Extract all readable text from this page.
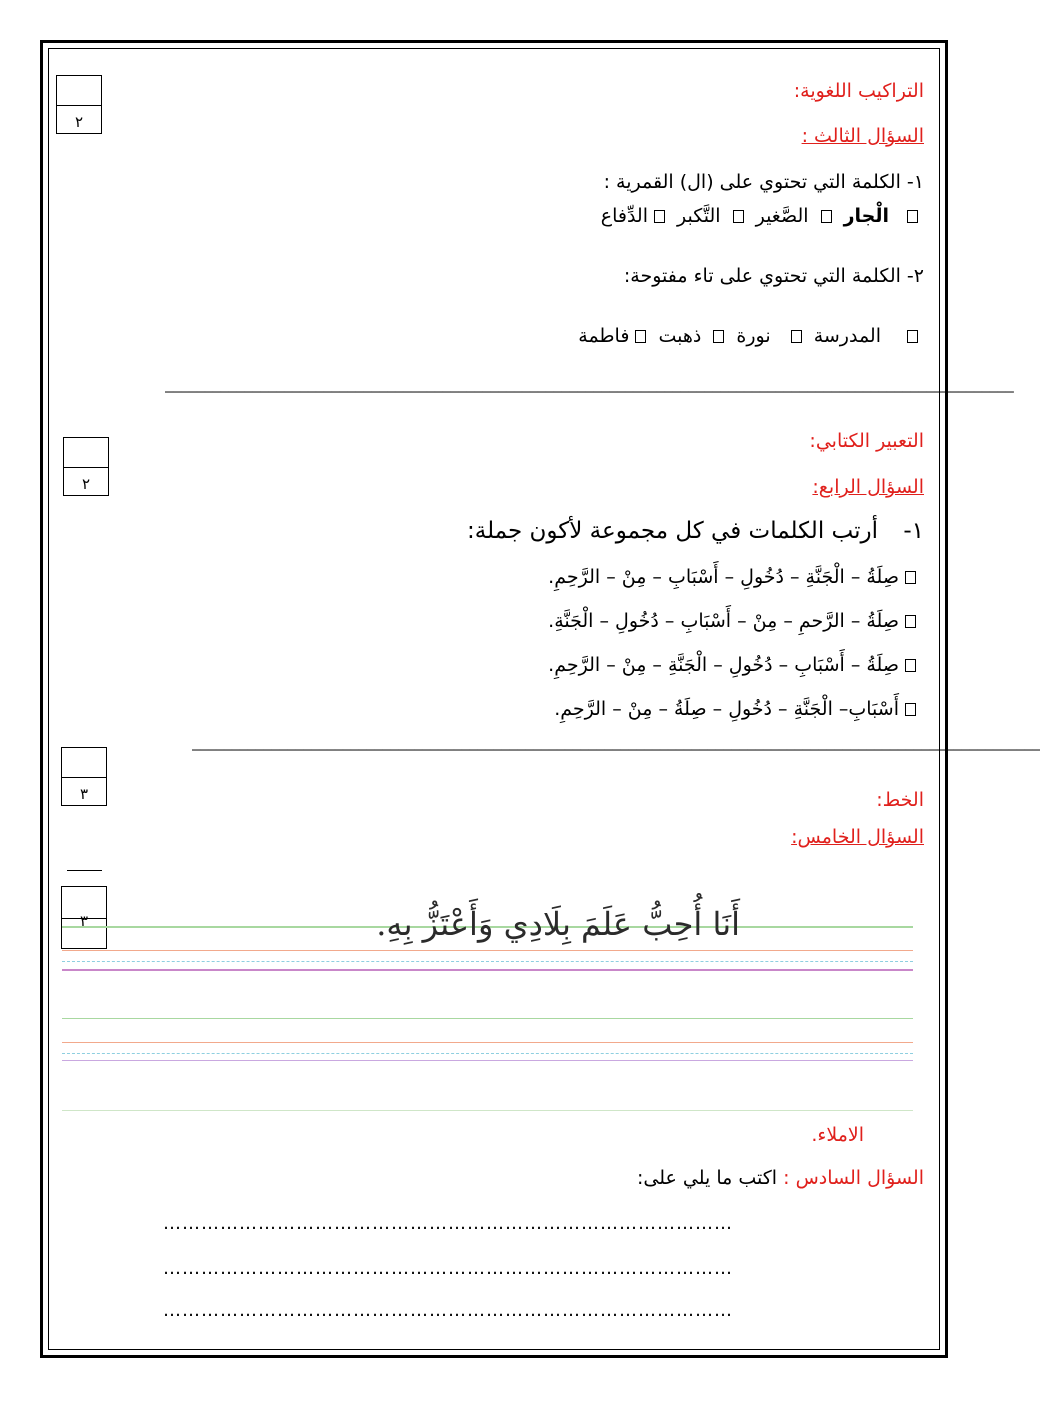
٢
٢
٣
٣
التراكيب اللغوية:
السؤال الثالث :
١- الكلمة التي تحتوي على (ال) القمرية :
الْجار الصَّغير التَّكبر الدِّفاع
٢- الكلمة التي تحتوي على تاء مفتوحة:
المدرسة نورة ذهبت فاطمة
–––––––––––––––––––––––––––––––––––––––––––––––––––––––––––––––––––––––––––––––––––––––––––––––––––––––––––
التعبير الكتابي:
السؤال الرابع:
١- أرتب الكلمات في كل مجموعة لأكون جملة:
صِلَةُ – الْجَنَّةِ – دُخُولِ – أَسْبَابِ – مِنْ – الرَّحِمِ.
صِلَةُ – الرَّحمِ – مِنْ – أَسْبَابِ – دُخُولِ – الْجَنَّةِ.
صِلَةُ – أَسْبَابِ – دُخُولِ – الْجَنَّةِ – مِنْ – الرَّحِمِ.
أَسْبَابِ– الْجَنَّةِ – دُخُولِ – صِلَةُ – مِنْ – الرَّحِمِ.
–––––––––––––––––––––––––––––––––––––––––––––––––––––––––––––––––––––––––––––––––––––––––––––––––––––––––––
الخط:
السؤال الخامس:
أَنَا أُحِبُّ عَلَمَ بِلَادِي وَأَعْتَزُّ بِهِ.
الاملاء.
السؤال السادس : اكتب ما يلي على:
………………………………………………………………………………
………………………………………………………………………………
………………………………………………………………………………
